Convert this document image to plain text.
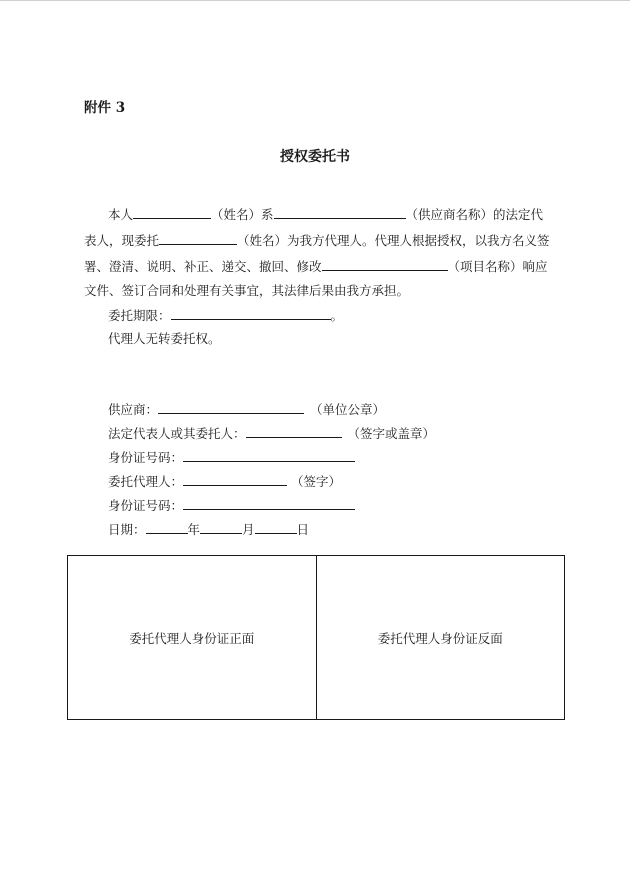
附件 3
授权委托书
本人	（姓名）系	（供应商名称）的法定代
表人，现委托	（姓名）为我方代理人。代理人根据授权，以我方名义签
署、澄清、说明、补正、递交、撤回、修改	（项目名称）响应
文件、签订合同和处理有关事宜，其法律后果由我方承担。
委托期限：	。
代理人无转委托权。
供应商：	（单位公章）
法定代表人或其委托人：	（签字或盖章）
身份证号码：
委托代理人：	（签字）
身份证号码：
日期：	年	月	日
委托代理人身份证正面	委托代理人身份证反面
